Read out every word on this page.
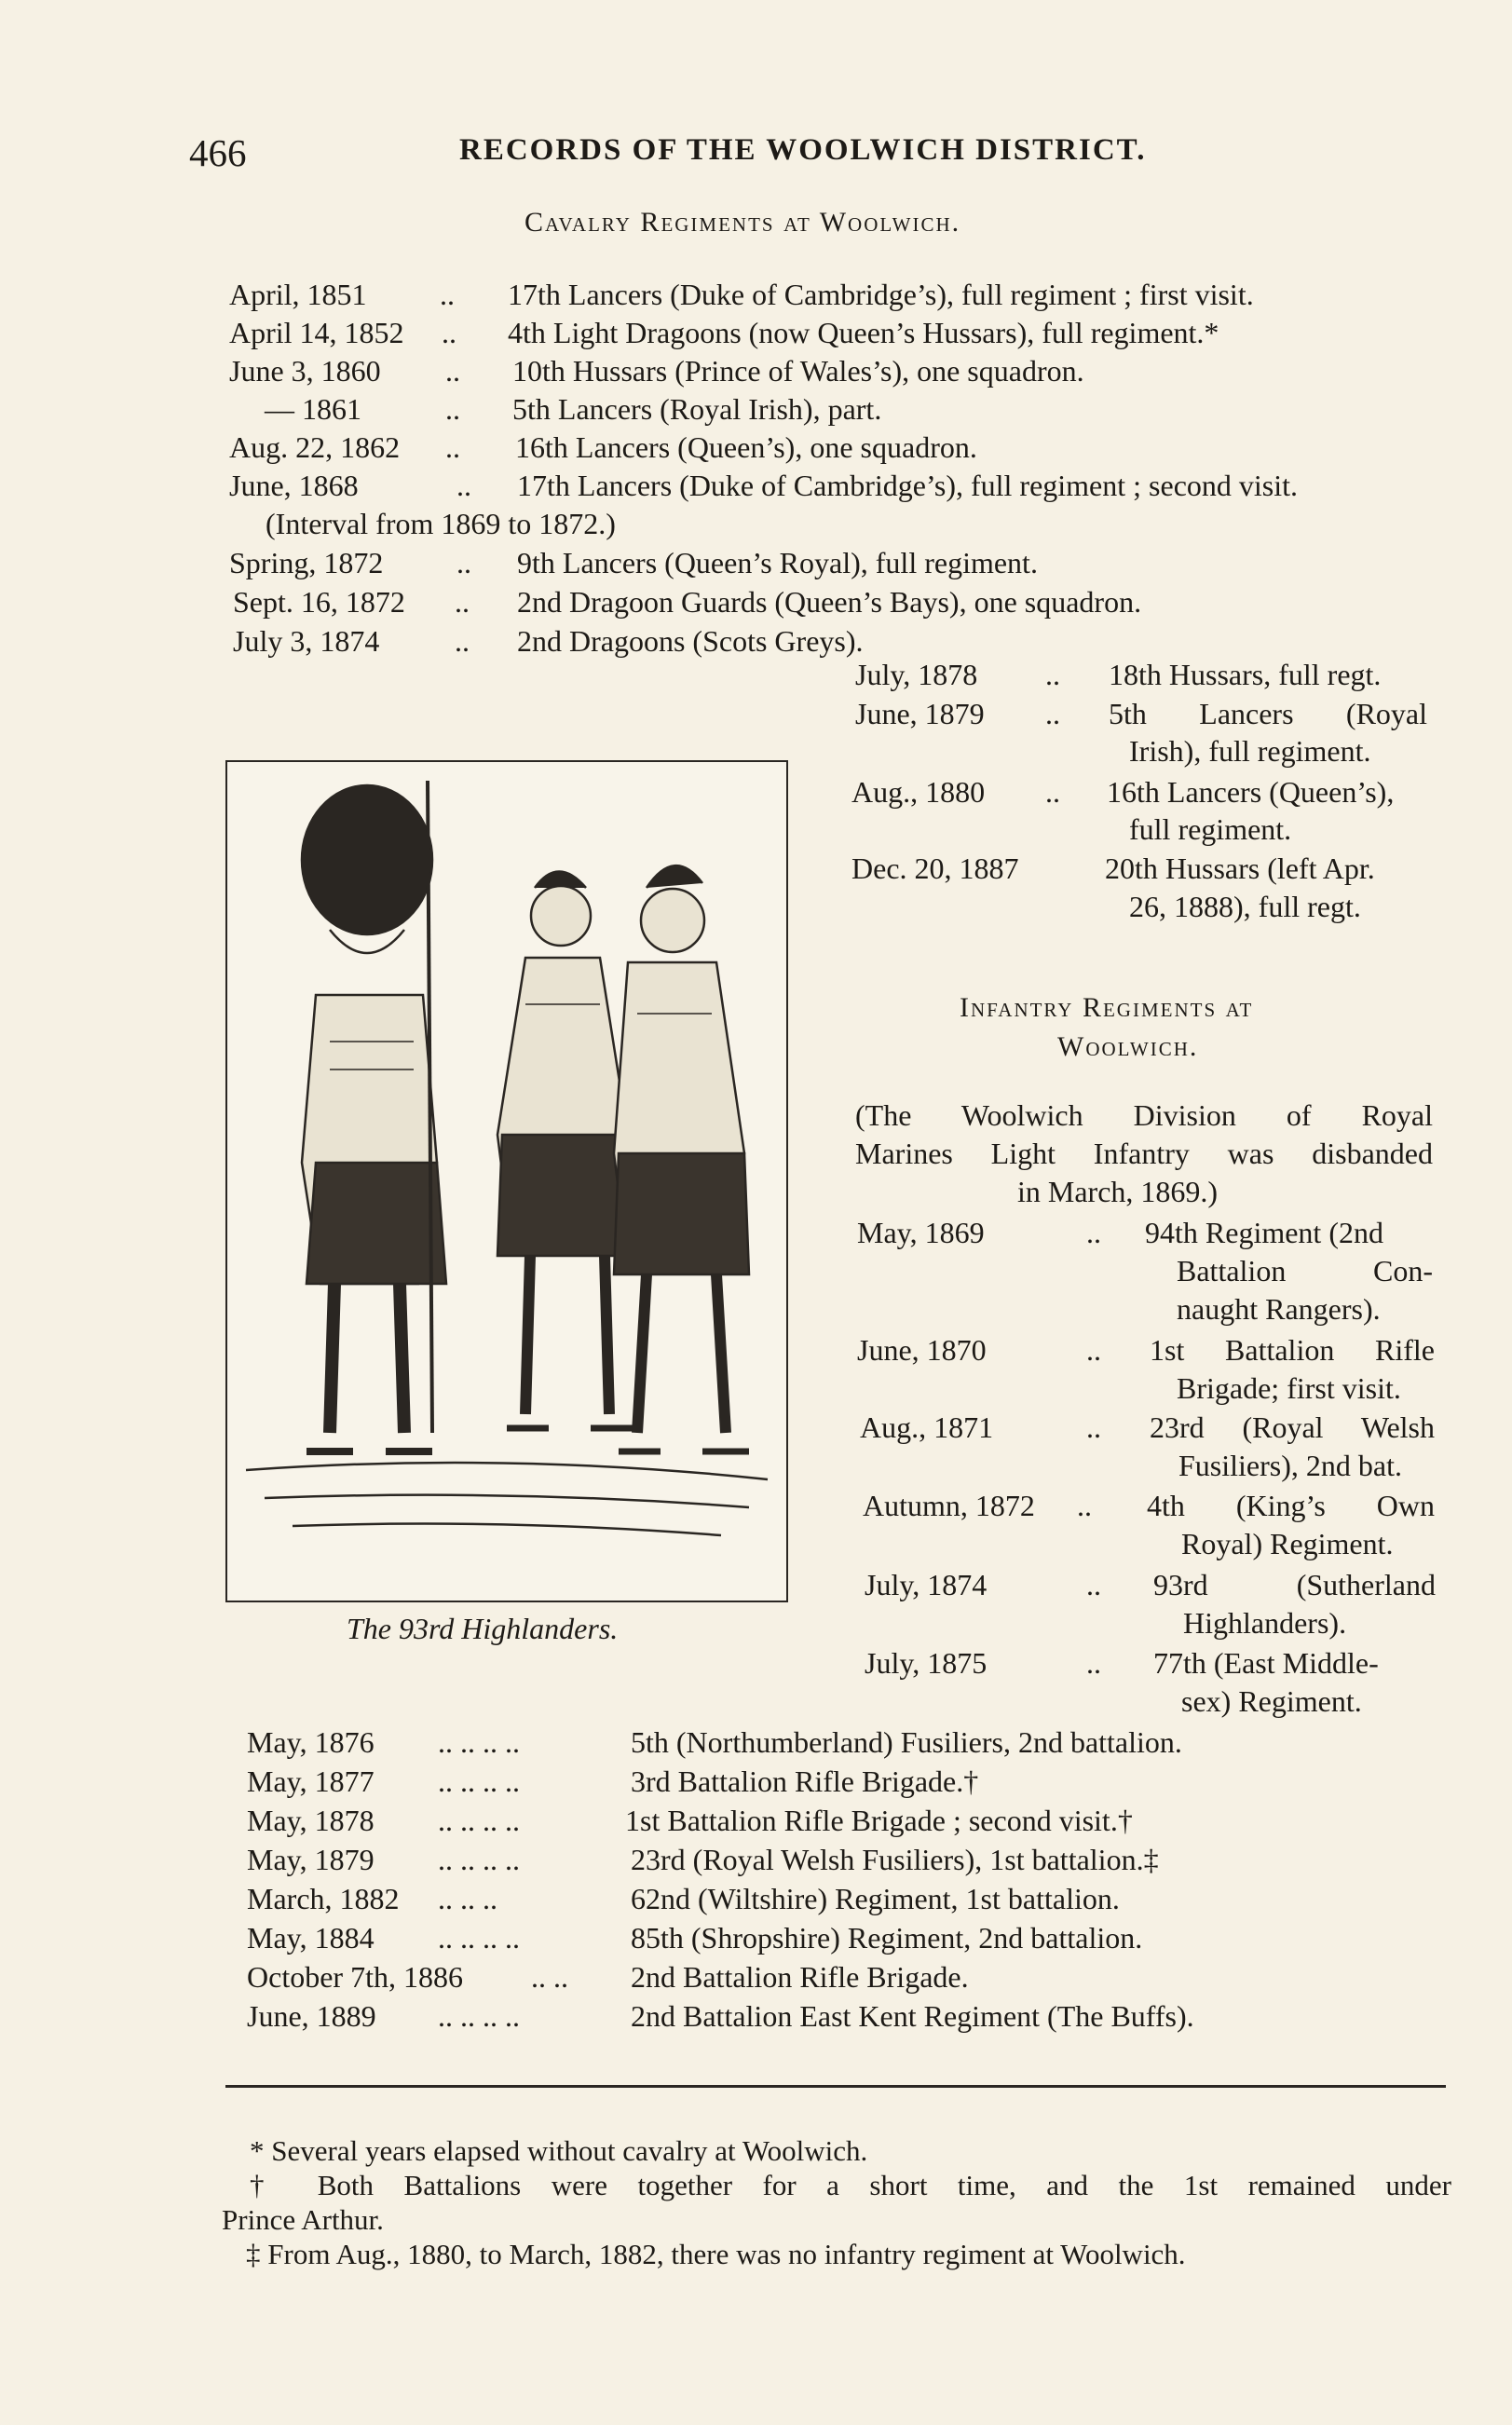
466	RECORDS OF THE WOOLWICH DISTRICT.
Cavalry Regiments at Woolwich.
April, 1851 .. 17th Lancers (Duke of Cambridge’s), full regiment ; first visit.
April 14, 1852 .. 4th Light Dragoons (now Queen’s Hussars), full regiment.*
June 3, 1860 .. 10th Hussars (Prince of Wales’s), one squadron.
— 1861	.. 5th Lancers (Royal Irish), part.
Aug. 22, 1862 .. 16th Lancers (Queen’s), one squadron.
June, 1868	.. 17th Lancers (Duke of Cambridge’s), full regiment ; second visit.
(Interval from 1869 to 1872.)
Spring, 1872 .. 9th Lancers (Queen’s Royal), full regiment.
Sept. 16, 1872 .. 2nd Dragoon Guards (Queen’s Bays), one squadron.
July 3, 1874	.. 2nd Dragoons (Scots Greys).
July, 1878 .. 18th Hussars, full regt.
June, 1879 .. 5th Lancers (Royal
Irish), full regiment.
Aug., 1880 .. 16th Lancers (Queen’s),
full regiment.
Dec. 20, 1887	20th Hussars (left Apr.
26, 1888), full regt.
The 93rd Highlanders.
Infantry Regiments at
Woolwich.
(The Woolwich Division of Royal
Marines Light Infantry was disbanded
in March, 1869.)
May, 1869	.. 94th Regiment (2nd
Battalion Con-
naught Rangers).
June, 1870	.. 1st Battalion Rifle
Brigade; first visit.
Aug., 1871	.. 23rd (Royal Welsh
Fusiliers), 2nd bat.
Autumn, 1872 .. 4th (King’s Own
Royal) Regiment.
July, 1874	.. 93rd (Sutherland
Highlanders).
July, 1875	.. 77th (East Middle-
sex) Regiment.
May, 1876 .. .. .. ..	5th (Northumberland) Fusiliers, 2nd battalion.
May, 1877 .. .. .. ..	3rd Battalion Rifle Brigade.†
May, 1878 .. .. .. ..	1st Battalion Rifle Brigade ; second visit.†
May, 1879 .. .. .. ..	23rd (Royal Welsh Fusiliers), 1st battalion.‡
March, 1882 .. .. ..	62nd (Wiltshire) Regiment, 1st battalion.
May, 1884 .. .. .. ..	85th (Shropshire) Regiment, 2nd battalion.
October 7th, 1886 .. .. 2nd Battalion Rifle Brigade.
June, 1889 .. .. .. ..	2nd Battalion East Kent Regiment (The Buffs).
* Several years elapsed without cavalry at Woolwich.
† Both Battalions were together for a short time, and the 1st remained under
Prince Arthur.
‡ From Aug., 1880, to March, 1882, there was no infantry regiment at Woolwich.
